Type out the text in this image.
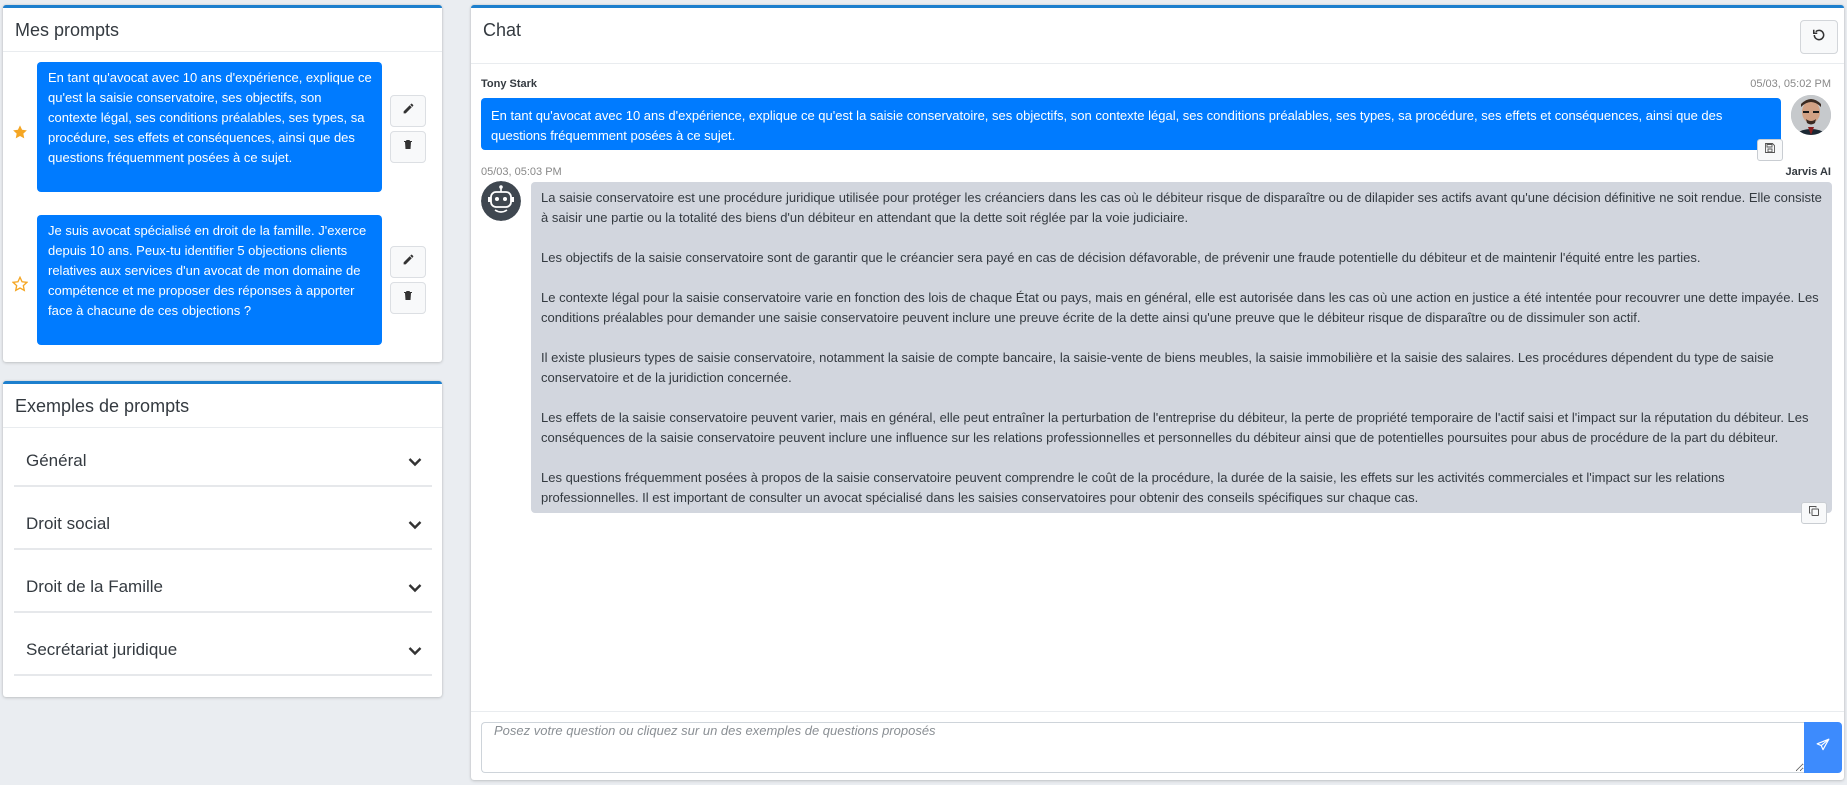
Mes prompts
En tant qu'avocat avec 10 ans d'expérience, explique ce qu'est la saisie conservatoire, ses objectifs, son contexte légal, ses conditions préalables, ses types, sa procédure, ses effets et conséquences, ainsi que des questions fréquemment posées à ce sujet.
Je suis avocat spécialisé en droit de la famille. J'exerce depuis 10 ans. Peux-tu identifier 5 objections clients relatives aux services d'un avocat de mon domaine de compétence et me proposer des réponses à apporter face à chacune de ces objections ?
Exemples de prompts
Général
Droit social
Droit de la Famille
Secrétariat juridique
Chat
Tony Stark	05/03, 05:02 PM
En tant qu'avocat avec 10 ans d'expérience, explique ce qu'est la saisie conservatoire, ses objectifs, son contexte légal, ses conditions préalables, ses types, sa procédure, ses effets et conséquences, ainsi que des questions fréquemment posées à ce sujet.
05/03, 05:03 PM	Jarvis AI

La saisie conservatoire est une procédure juridique utilisée pour protéger les créanciers dans les cas où le débiteur risque de disparaître ou de dilapider ses actifs avant qu'une décision définitive ne soit rendue. Elle consiste à saisir une partie ou la totalité des biens d'un débiteur en attendant que la dette soit réglée par la voie judiciaire.

Les objectifs de la saisie conservatoire sont de garantir que le créancier sera payé en cas de décision défavorable, de prévenir une fraude potentielle du débiteur et de maintenir l'équité entre les parties.

Le contexte légal pour la saisie conservatoire varie en fonction des lois de chaque État ou pays, mais en général, elle est autorisée dans les cas où une action en justice a été intentée pour recouvrer une dette impayée. Les conditions préalables pour demander une saisie conservatoire peuvent inclure une preuve écrite de la dette ainsi qu'une preuve que le débiteur risque de disparaître ou de dissimuler son actif.

Il existe plusieurs types de saisie conservatoire, notamment la saisie de compte bancaire, la saisie-vente de biens meubles, la saisie immobilière et la saisie des salaires. Les procédures dépendent du type de saisie conservatoire et de la juridiction concernée.

Les effets de la saisie conservatoire peuvent varier, mais en général, elle peut entraîner la perturbation de l'entreprise du débiteur, la perte de propriété temporaire de l'actif saisi et l'impact sur la réputation du débiteur. Les conséquences de la saisie conservatoire peuvent inclure une influence sur les relations professionnelles et personnelles du débiteur ainsi que de potentielles poursuites pour abus de procédure de la part du débiteur.

Les questions fréquemment posées à propos de la saisie conservatoire peuvent comprendre le coût de la procédure, la durée de la saisie, les effets sur les activités commerciales et l'impact sur les relations professionnelles. Il est important de consulter un avocat spécialisé dans les saisies conservatoires pour obtenir des conseils spécifiques sur chaque cas.

Posez votre question ou cliquez sur un des exemples de questions proposés
